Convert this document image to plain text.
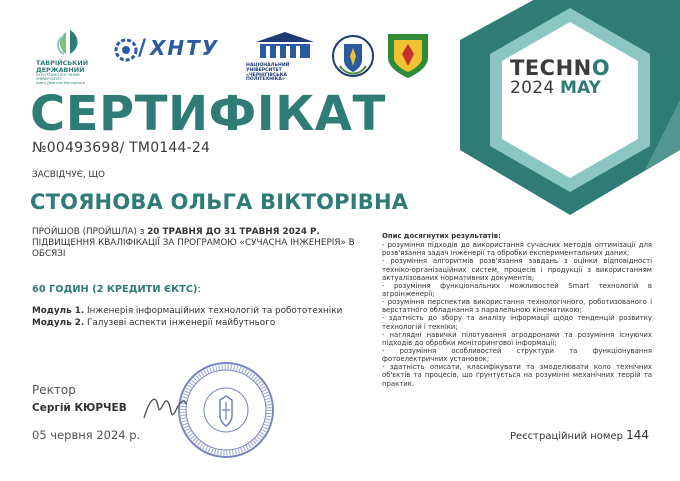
TECHNO
2024 MAY
ТАВРІЙСЬКИЙ ДЕРЖАВНИЙ
АГРОТЕХНОЛОГІЧНИЙ УНІВЕРСИТЕТ
імені Дмитра Моторного
/ ХНТУ
НАЦІОНАЛЬНИЙ УНІВЕРСИТЕТ
«ЧЕРНІГІВСЬКА ПОЛІТЕХНІКА»
СЕРТИФІКАТ
№00493698/ ТМ0144-24
ЗАСВІДЧУЄ, ЩО
СТОЯНОВА ОЛЬГА ВІКТОРІВНА
ПРОЙШОВ (ПРОЙШЛА) з 20 ТРАВНЯ ДО 31 ТРАВНЯ 2024 Р.
ПІДВИЩЕННЯ КВАЛІФІКАЦІЇ ЗА ПРОГРАМОЮ «СУЧАСНА ІНЖЕНЕРІЯ» В ОБСЯЗІ
60 ГОДИН (2 КРЕДИТИ ЄКТС):
Модуль 1. Інженерія інформаційних технологій та робототехніки
Модуль 2. Галузеві аспекти інженерії майбутнього
Опис досягнутих результатів:

- розуміння підходів до використання сучасних методів оптимізації для розв'язання задач інженерії та обробки експериментальних даних;

- розуміння алгоритмів розв'язання завдань з оцінки відповідності техніко-організаційних систем, процесів і продукції з використанням актуалізованих нормативних документів;

- розуміння функціональних можливостей Smart технологій в агроінженерії;

- розуміння перспектив використання технологічного, роботизованого і верстатного обладнання з паралельною кінематикою;

- здатність до збору та аналізу інформації щодо тенденцій розвитку технологій і техніки;

- наглядні навички пілотування агродронами та розуміння існуючих підходів до обробки моніторингової інформації;

- розуміння особливостей структури та функціонування фотоелектричних установок;

- здатність описати, класифікувати та змоделювати коло технічних об'єктів та процесів, що ґрунтується на розумінні механічних теорій та практик.

Ректор
Сергій КЮРЧЕВ
05 червня 2024 р.	Реєстраційний номер 144
